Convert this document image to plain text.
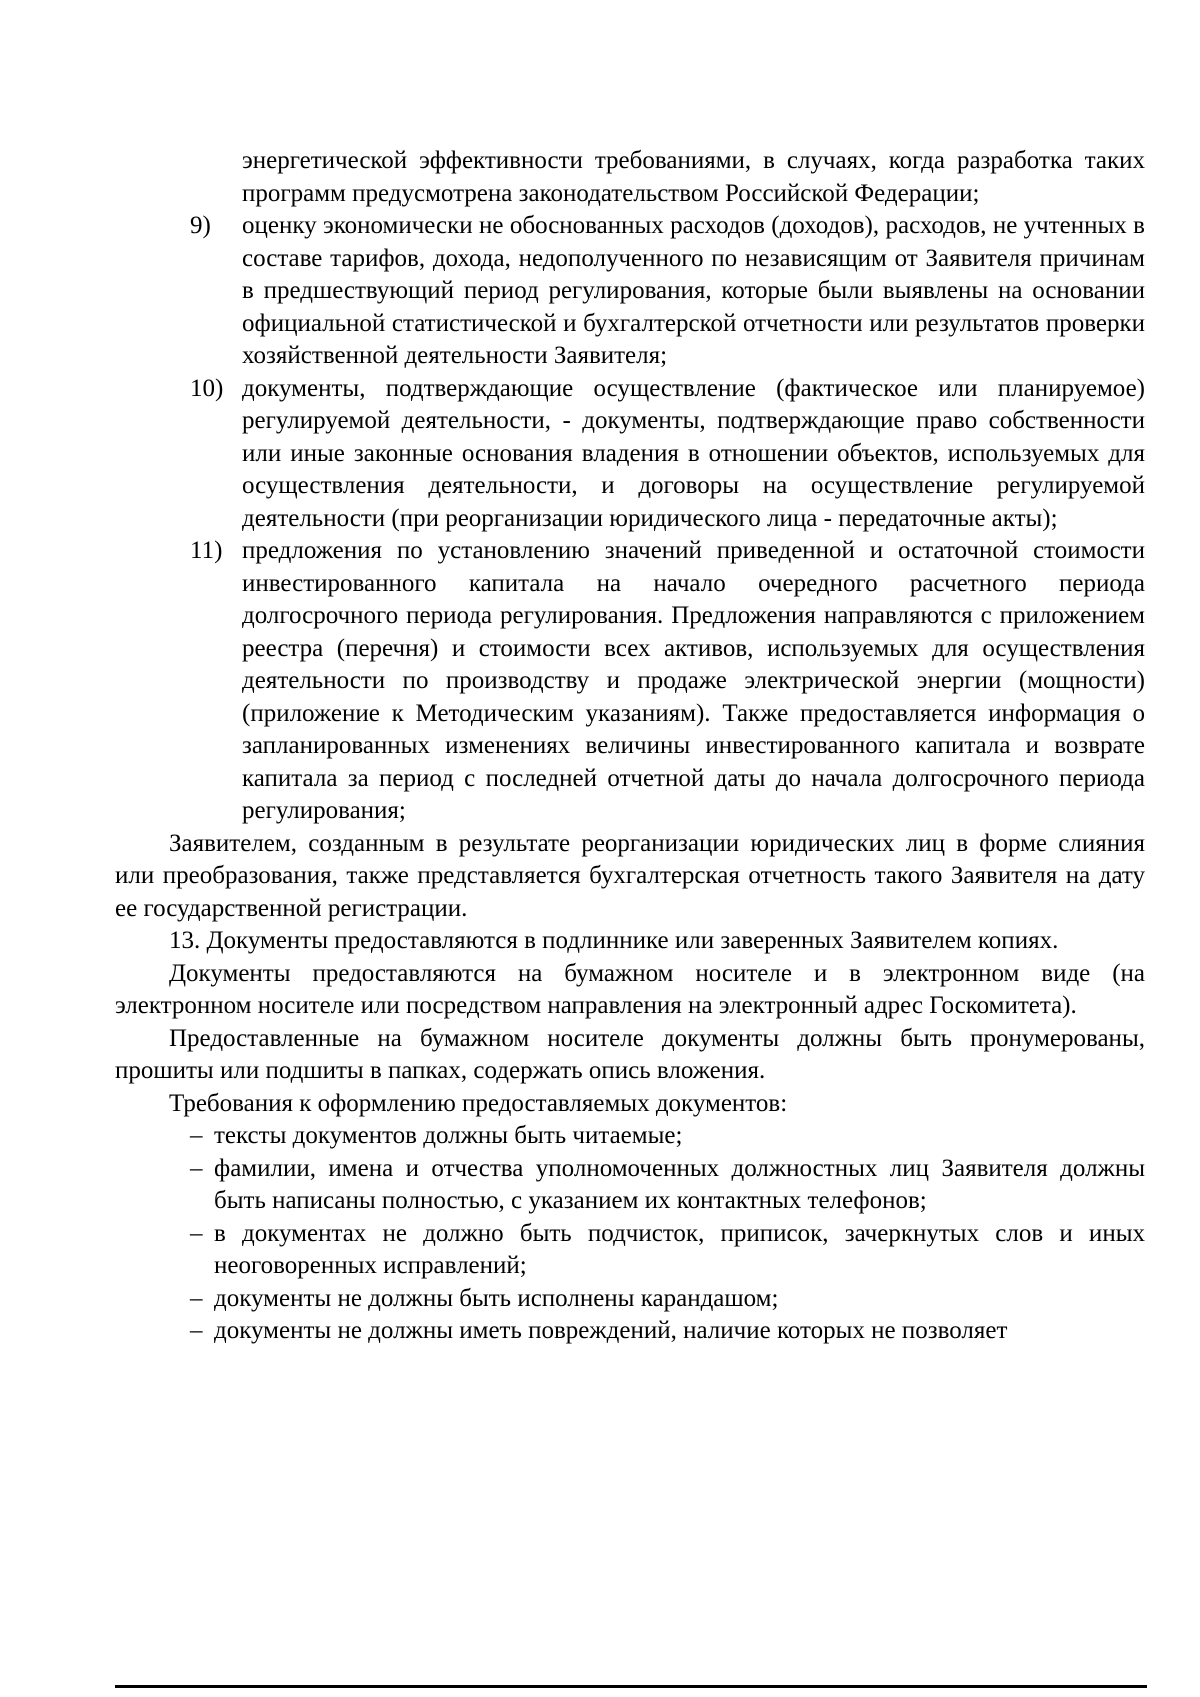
энергетической эффективности требованиями, в случаях, когда разработка таких программ предусмотрена законодательством Российской Федерации;
9) оценку экономически не обоснованных расходов (доходов), расходов, не учтенных в составе тарифов, дохода, недополученного по независящим от Заявителя причинам в предшествующий период регулирования, которые были выявлены на основании официальной статистической и бухгалтерской отчетности или результатов проверки хозяйственной деятельности Заявителя;
10) документы, подтверждающие осуществление (фактическое или планируемое) регулируемой деятельности, - документы, подтверждающие право собственности или иные законные основания владения в отношении объектов, используемых для осуществления деятельности, и договоры на осуществление регулируемой деятельности (при реорганизации юридического лица - передаточные акты);
11) предложения по установлению значений приведенной и остаточной стоимости инвестированного капитала на начало очередного расчетного периода долгосрочного периода регулирования. Предложения направляются с приложением реестра (перечня) и стоимости всех активов, используемых для осуществления деятельности по производству и продаже электрической энергии (мощности) (приложение к Методическим указаниям). Также предоставляется информация о запланированных изменениях величины инвестированного капитала и возврате капитала за период с последней отчетной даты до начала долгосрочного периода регулирования;

Заявителем, созданным в результате реорганизации юридических лиц в форме слияния или преобразования, также представляется бухгалтерская отчетность такого Заявителя на дату ее государственной регистрации.

13. Документы предоставляются в подлиннике или заверенных Заявителем копиях.

Документы предоставляются на бумажном носителе и в электронном виде (на электронном носителе или посредством направления на электронный адрес Госкомитета).

Предоставленные на бумажном носителе документы должны быть пронумерованы, прошиты или подшиты в папках, содержать опись вложения.

Требования к оформлению предоставляемых документов:

– тексты документов должны быть читаемые;
– фамилии, имена и отчества уполномоченных должностных лиц Заявителя должны быть написаны полностью, с указанием их контактных телефонов;
– в документах не должно быть подчисток, приписок, зачеркнутых слов и иных неоговоренных исправлений;
– документы не должны быть исполнены карандашом;
– документы не должны иметь повреждений, наличие которых не позволяет
